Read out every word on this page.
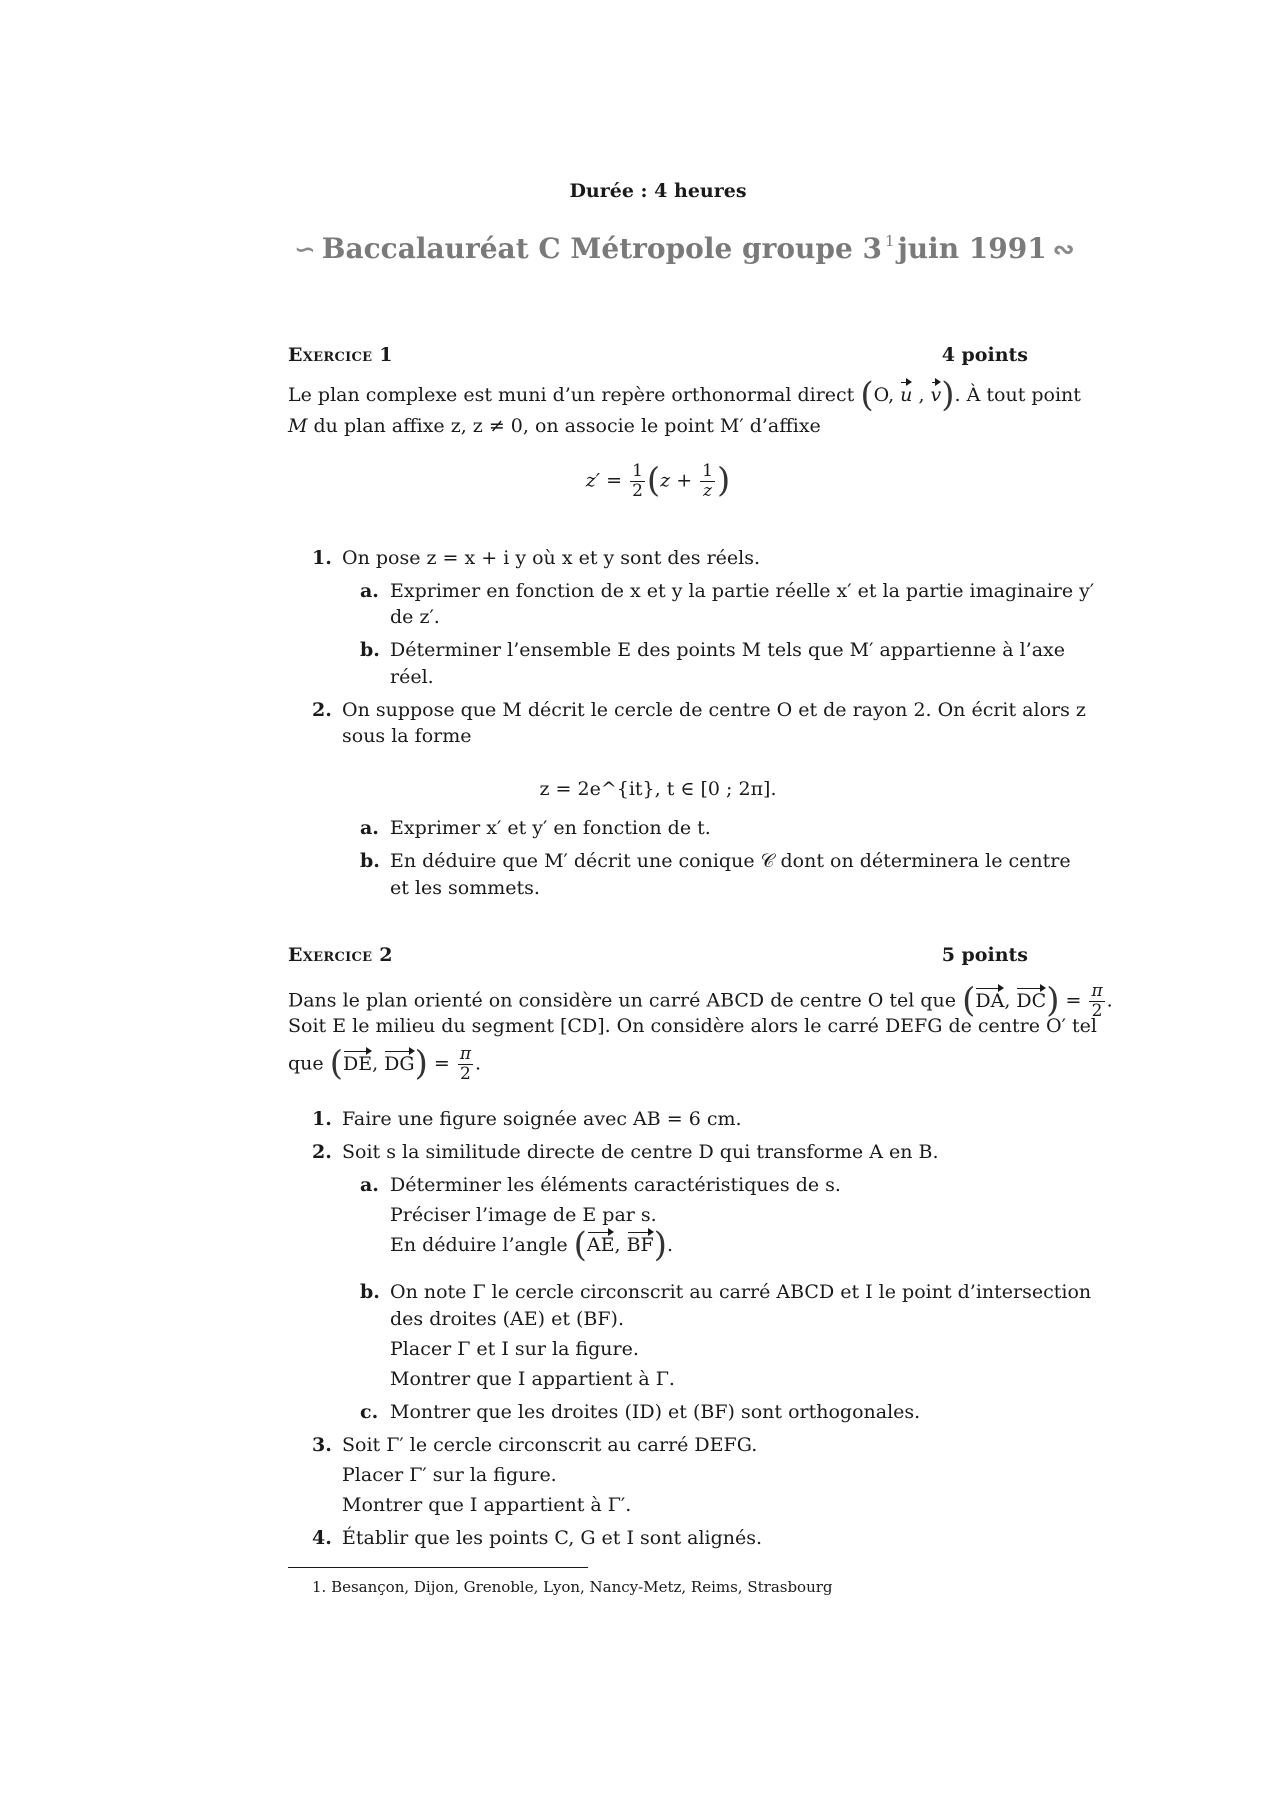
Durée : 4 heures
∽ Baccalauréat C Métropole groupe 3 $^1$ juin 1991 ∾
Exercice 1	4 points
Le plan complexe est muni d’un repère orthonormal direct (O, u , v). À tout point
M du plan affixe z, z ≠ 0, on associe le point M′ d’affixe
$z' = \frac{1}{2} (z + \frac{1}{z}$ )
1. On pose z = x + i y où x et y sont des réels.
a. Exprimer en fonction de x et y la partie réelle x′ et la partie imaginaire y′
de z′.
b. Déterminer l’ensemble E des points M tels que M′ appartienne à l’axe
réel.
2. On suppose que M décrit le cercle de centre O et de rayon 2. On écrit alors z
sous la forme
z = 2e^{it}, t ∈ [0 ; 2π].
a. Exprimer x′ et y′ en fonction de t.
b. En déduire que M′ décrit une conique 𝒞 dont on déterminera le centre
et les sommets.
Exercice 2	5 points
Dans le plan orienté on considère un carré ABCD de centre O tel que (DA, $DC) = \frac{\pi}{2}$ .
Soit E le milieu du segment [CD]. On considère alors le carré DEFG de centre O′ tel
que (DE, $DG) = \frac{\pi}{2}$ .
1. Faire une figure soignée avec AB = 6 cm.
2. Soit s la similitude directe de centre D qui transforme A en B.
a. Déterminer les éléments caractéristiques de s.
Préciser l’image de E par s.
En déduire l’angle (AE, BF).
b. On note Γ le cercle circonscrit au carré ABCD et I le point d’intersection
des droites (AE) et (BF).
Placer Γ et I sur la figure.
Montrer que I appartient à Γ.
c. Montrer que les droites (ID) et (BF) sont orthogonales.
3. Soit Γ′ le cercle circonscrit au carré DEFG.
Placer Γ′ sur la figure.
Montrer que I appartient à Γ′.
4. Établir que les points C, G et I sont alignés.
1. Besançon, Dijon, Grenoble, Lyon, Nancy-Metz, Reims, Strasbourg
